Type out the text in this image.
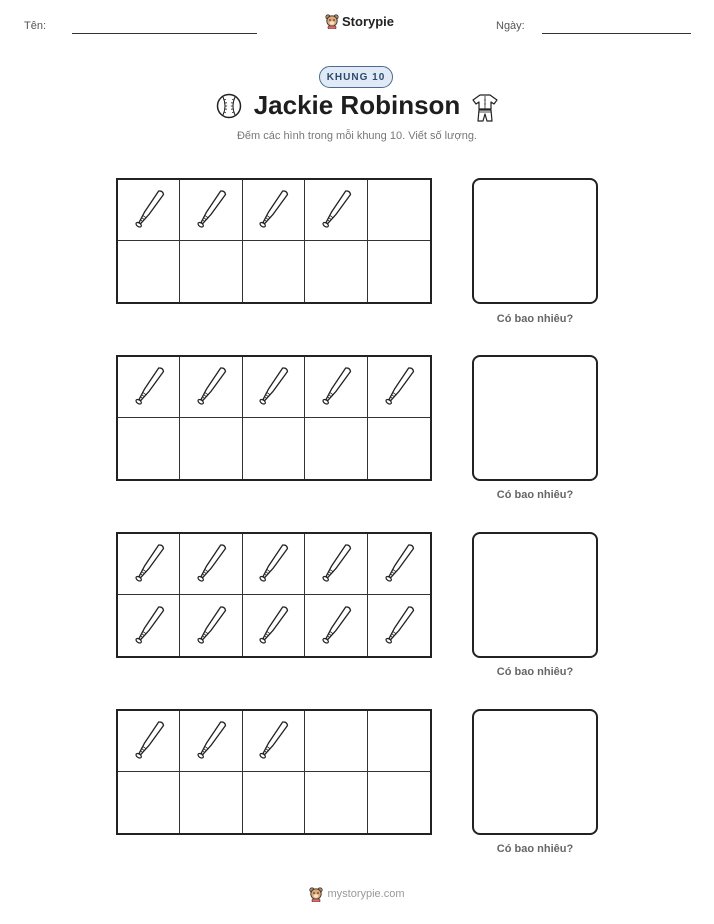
Tên:	Storypie	Ngày:
KHUNG 10
Jackie Robinson
Đếm các hình trong mỗi khung 10. Viết số lượng.
Có bao nhiêu?
Có bao nhiêu?
Có bao nhiêu?
Có bao nhiêu?
mystorypie.com
